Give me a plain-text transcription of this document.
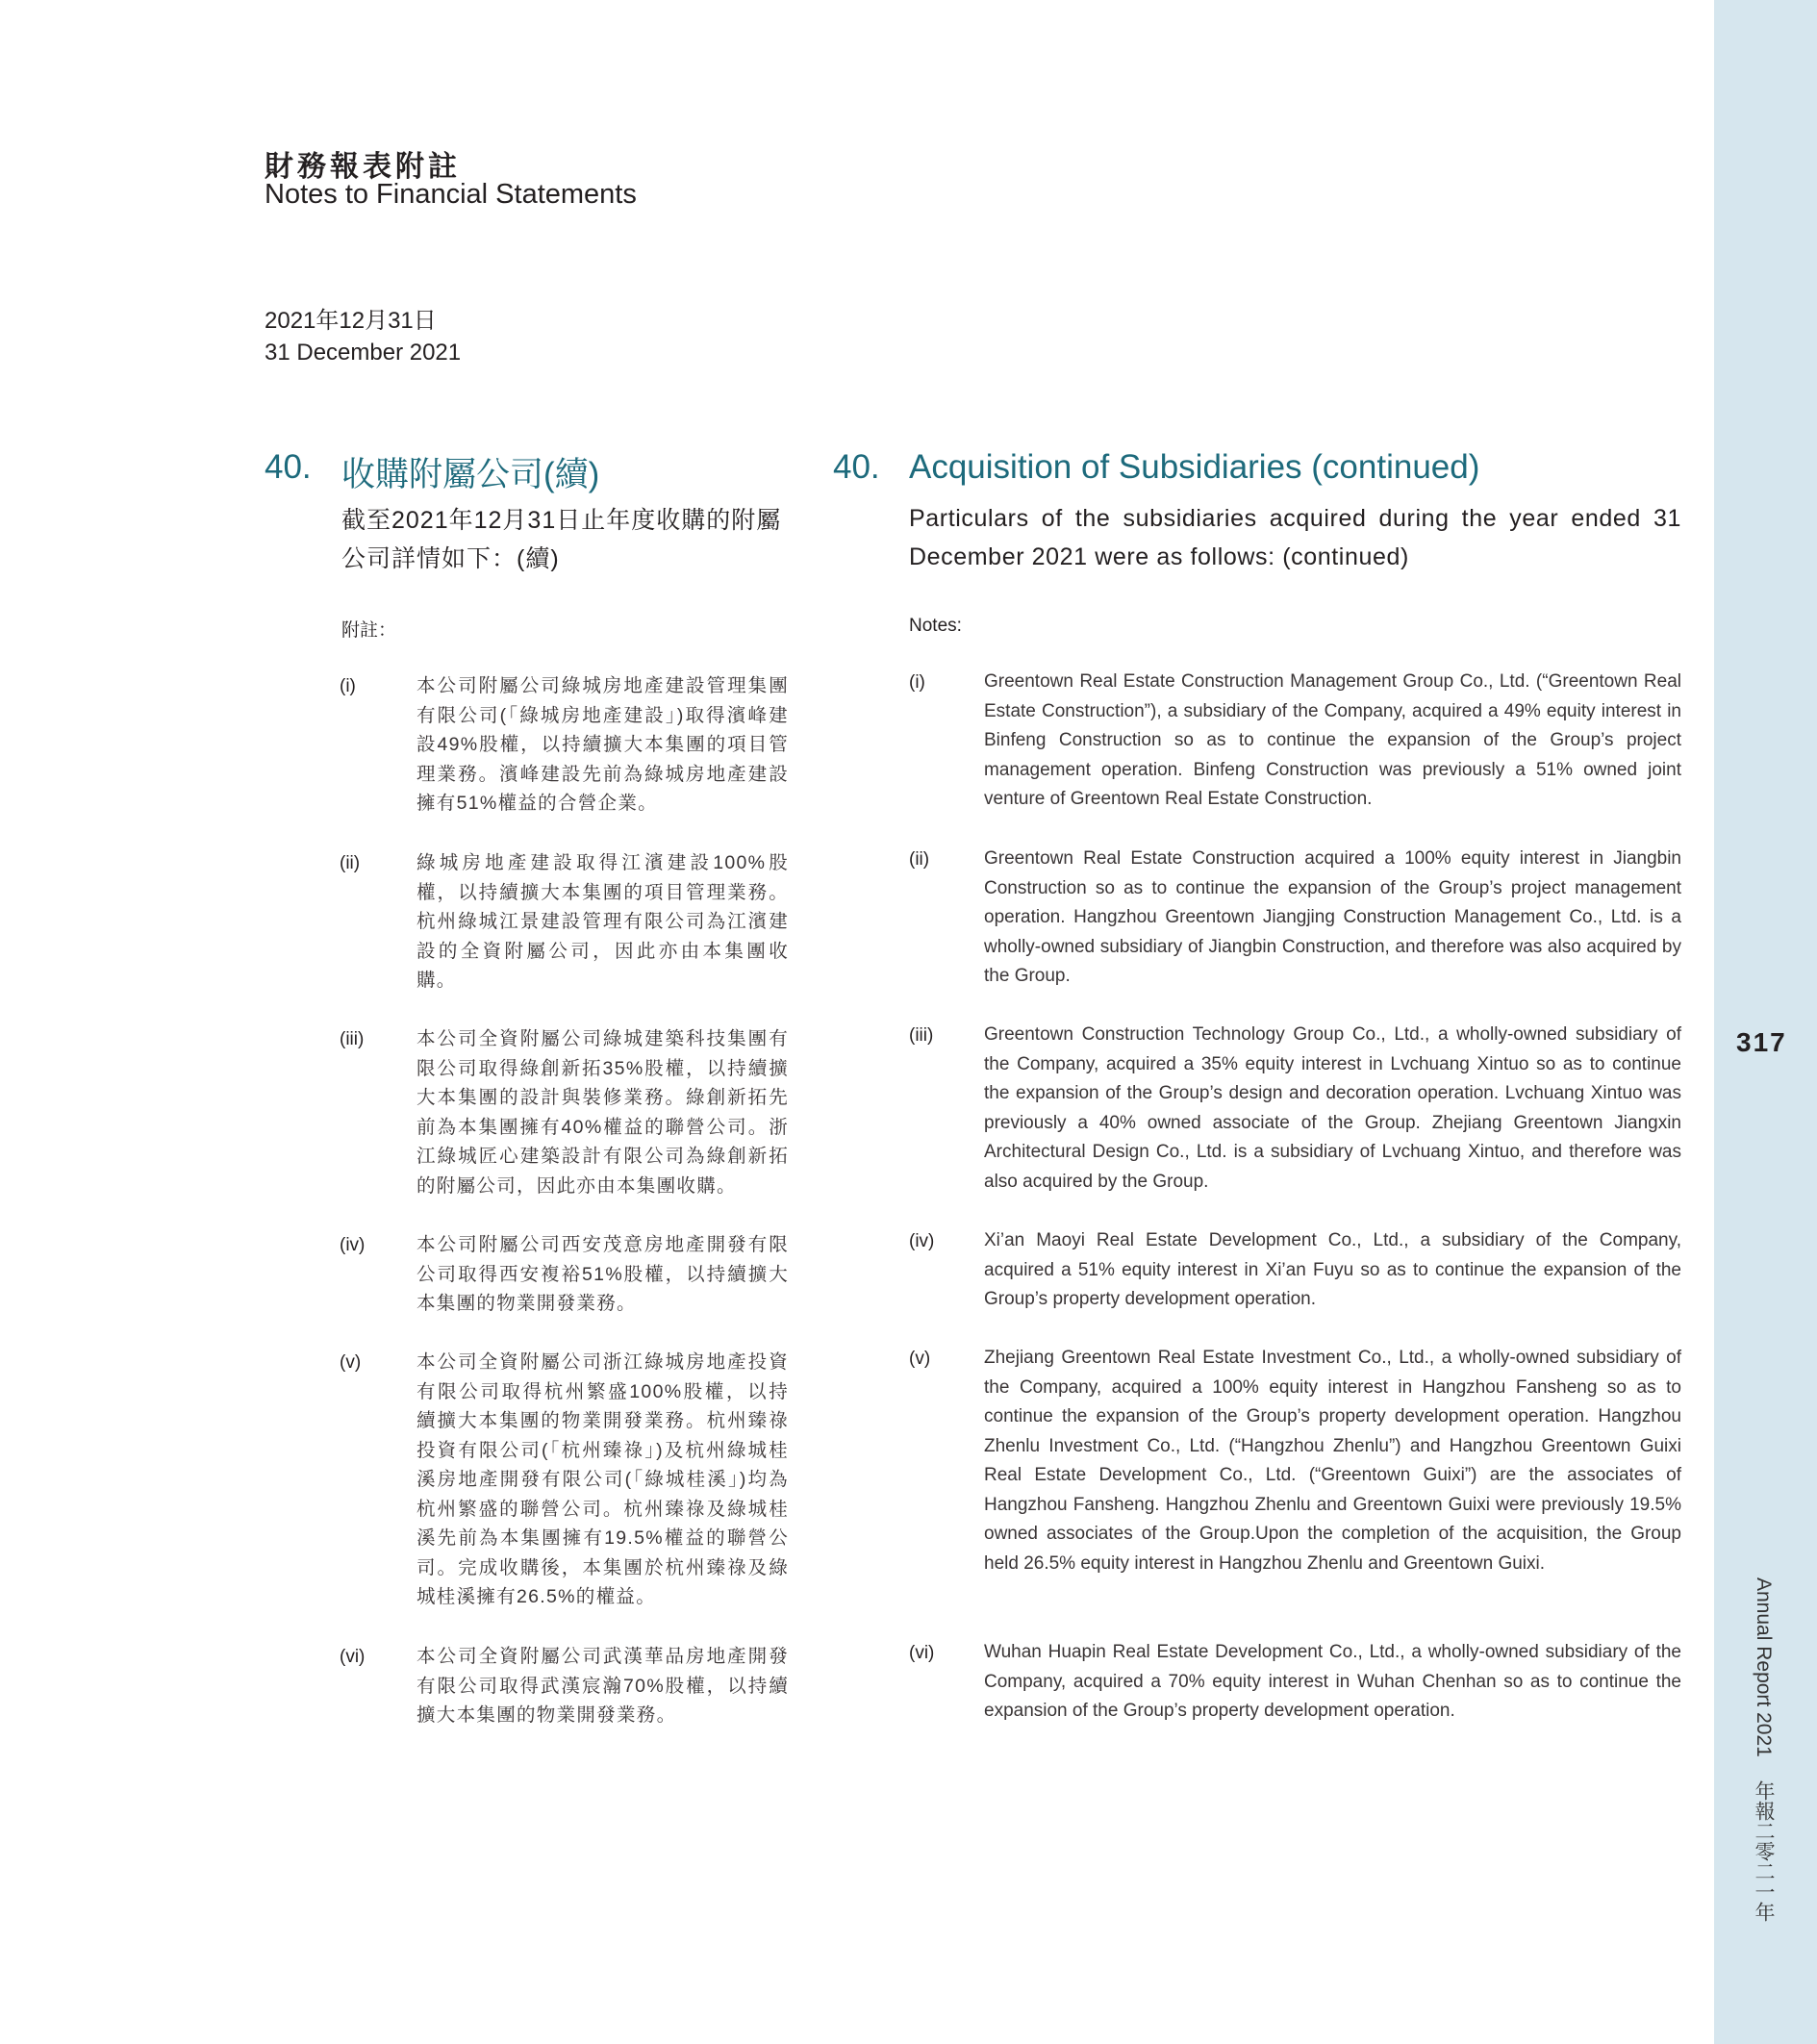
財務報表附註
Notes to Financial Statements
2021年12月31日
31 December 2021
40. 收購附屬公司(續)
截至2021年12月31日止年度收購的附屬公司詳情如下：(續)
附註：
40. Acquisition of Subsidiaries (continued)
Particulars of the subsidiaries acquired during the year ended 31 December 2021 were as follows: (continued)
Notes:
(i)	本公司附屬公司綠城房地產建設管理集團有限公司(「綠城房地產建設」)取得濱峰建設49%股權，以持續擴大本集團的項目管理業務。濱峰建設先前為綠城房地產建設擁有51%權益的合營企業。
(ii)	綠城房地產建設取得江濱建設100%股權，以持續擴大本集團的項目管理業務。杭州綠城江景建設管理有限公司為江濱建設的全資附屬公司，因此亦由本集團收購。
(iii)	本公司全資附屬公司綠城建築科技集團有限公司取得綠創新拓35%股權，以持續擴大本集團的設計與裝修業務。綠創新拓先前為本集團擁有40%權益的聯營公司。浙江綠城匠心建築設計有限公司為綠創新拓的附屬公司，因此亦由本集團收購。
(iv)	本公司附屬公司西安茂意房地產開發有限公司取得西安複裕51%股權，以持續擴大本集團的物業開發業務。
(v)	本公司全資附屬公司浙江綠城房地產投資有限公司取得杭州繁盛100%股權，以持續擴大本集團的物業開發業務。杭州臻祿投資有限公司(「杭州臻祿」)及杭州綠城桂溪房地產開發有限公司(「綠城桂溪」)均為杭州繁盛的聯營公司。杭州臻祿及綠城桂溪先前為本集團擁有19.5%權益的聯營公司。完成收購後，本集團於杭州臻祿及綠城桂溪擁有26.5%的權益。
(vi)	本公司全資附屬公司武漢華品房地產開發有限公司取得武漢宸瀚70%股權，以持續擴大本集團的物業開發業務。
(i)	Greentown Real Estate Construction Management Group Co., Ltd. (“Greentown Real Estate Construction”), a subsidiary of the Company, acquired a 49% equity interest in Binfeng Construction so as to continue the expansion of the Group’s project management operation. Binfeng Construction was previously a 51% owned joint venture of Greentown Real Estate Construction.
(ii)	Greentown Real Estate Construction acquired a 100% equity interest in Jiangbin Construction so as to continue the expansion of the Group’s project management operation. Hangzhou Greentown Jiangjing Construction Management Co., Ltd. is a wholly-owned subsidiary of Jiangbin Construction, and therefore was also acquired by the Group.
(iii)	Greentown Construction Technology Group Co., Ltd., a wholly-owned subsidiary of the Company, acquired a 35% equity interest in Lvchuang Xintuo so as to continue the expansion of the Group’s design and decoration operation. Lvchuang Xintuo was previously a 40% owned associate of the Group. Zhejiang Greentown Jiangxin Architectural Design Co., Ltd. is a subsidiary of Lvchuang Xintuo, and therefore was also acquired by the Group.
(iv)	Xi’an Maoyi Real Estate Development Co., Ltd., a subsidiary of the Company, acquired a 51% equity interest in Xi’an Fuyu so as to continue the expansion of the Group’s property development operation.
(v)	Zhejiang Greentown Real Estate Investment Co., Ltd., a wholly-owned subsidiary of the Company, acquired a 100% equity interest in Hangzhou Fansheng so as to continue the expansion of the Group’s property development operation. Hangzhou Zhenlu Investment Co., Ltd. (“Hangzhou Zhenlu”) and Hangzhou Greentown Guixi Real Estate Development Co., Ltd. (“Greentown Guixi”) are the associates of Hangzhou Fansheng. Hangzhou Zhenlu and Greentown Guixi were previously 19.5% owned associates of the Group.Upon the completion of the acquisition, the Group held 26.5% equity interest in Hangzhou Zhenlu and Greentown Guixi.
(vi)	Wuhan Huapin Real Estate Development Co., Ltd., a wholly-owned subsidiary of the Company, acquired a 70% equity interest in Wuhan Chenhan so as to continue the expansion of the Group’s property development operation.
317
Annual Report 2021 年報二零二一年
